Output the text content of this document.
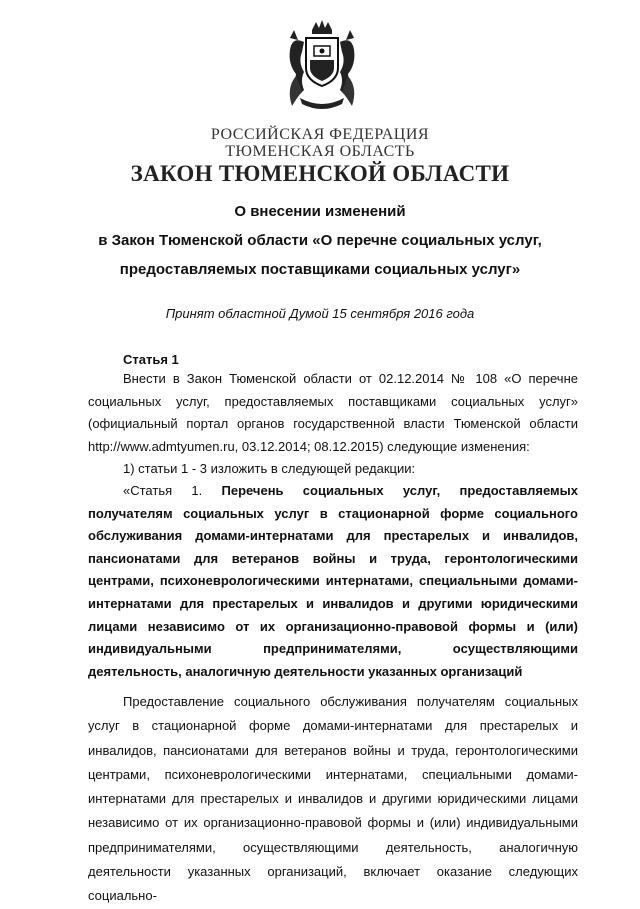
РОССИЙСКАЯ ФЕДЕРАЦИЯ
ТЮМЕНСКАЯ ОБЛАСТЬ
ЗАКОН ТЮМЕНСКОЙ ОБЛАСТИ
О внесении изменений
в Закон Тюменской области «О перечне социальных услуг,
предоставляемых поставщиками социальных услуг»
Принят областной Думой 15 сентября 2016 года
Статья 1
Внести в Закон Тюменской области от 02.12.2014 № 108 «О перечне социальных услуг, предоставляемых поставщиками социальных услуг» (официальный портал органов государственной власти Тюменской области http://www.admtyumen.ru, 03.12.2014; 08.12.2015) следующие изменения:
1) статьи 1 - 3 изложить в следующей редакции:
«Статья 1. Перечень социальных услуг, предоставляемых получателям социальных услуг в стационарной форме социального обслуживания домами-интернатами для престарелых и инвалидов, пансионатами для ветеранов войны и труда, геронтологическими центрами, психоневрологическими интернатами, специальными домами-интернатами для престарелых и инвалидов и другими юридическими лицами независимо от их организационно-правовой формы и (или) индивидуальными предпринимателями, осуществляющими деятельность, аналогичную деятельности указанных организаций
Предоставление социального обслуживания получателям социальных услуг в стационарной форме домами-интернатами для престарелых и инвалидов, пансионатами для ветеранов войны и труда, геронтологическими центрами, психоневрологическими интернатами, специальными домами-интернатами для престарелых и инвалидов и другими юридическими лицами независимо от их организационно-правовой формы и (или) индивидуальными предпринимателями, осуществляющими деятельность, аналогичную деятельности указанных организаций, включает оказание следующих социально-
